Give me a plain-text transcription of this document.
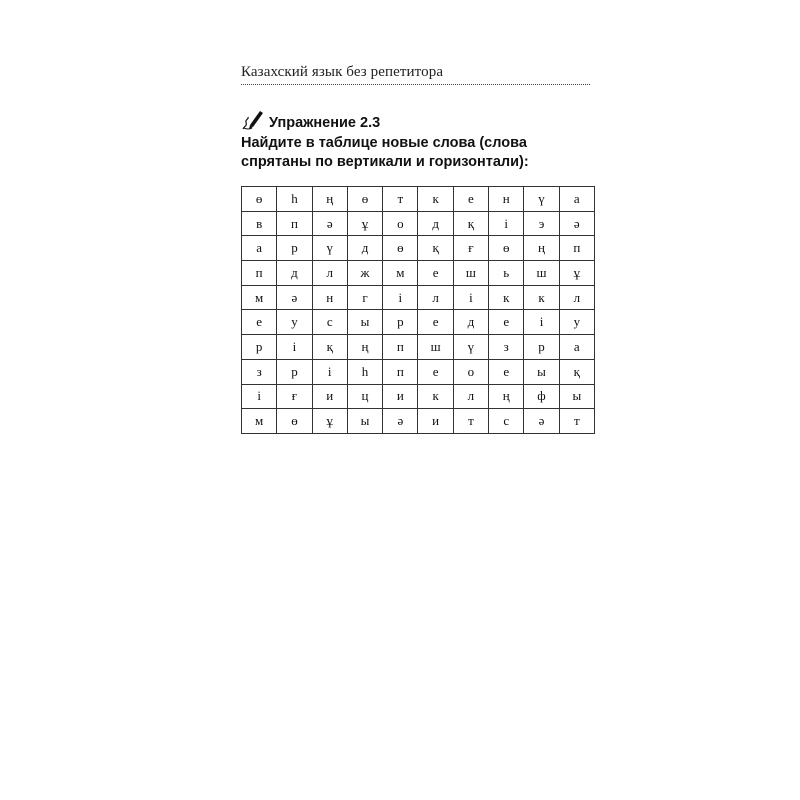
Казахский язык без репетитора
Упражнение 2.3
Найдите в таблице новые слова (слова спрятаны по вертикали и горизонтали):
ө	һ	ң	ө	т	к	е	н	ү	а
в	п	ә	ұ	о	д	қ	і	э	ә
а	р	ү	д	ө	қ	ғ	ө	ң	п
п	д	л	ж	м	е	ш	ь	ш	ұ
м	ә	н	г	і	л	і	к	к	л
е	у	с	ы	р	е	д	е	і	у
р	і	қ	ң	п	ш	ү	з	р	а
з	р	і	һ	п	е	о	е	ы	қ
і	ғ	и	ц	и	к	л	ң	ф	ы
м	ө	ұ	ы	ә	и	т	с	ә	т
